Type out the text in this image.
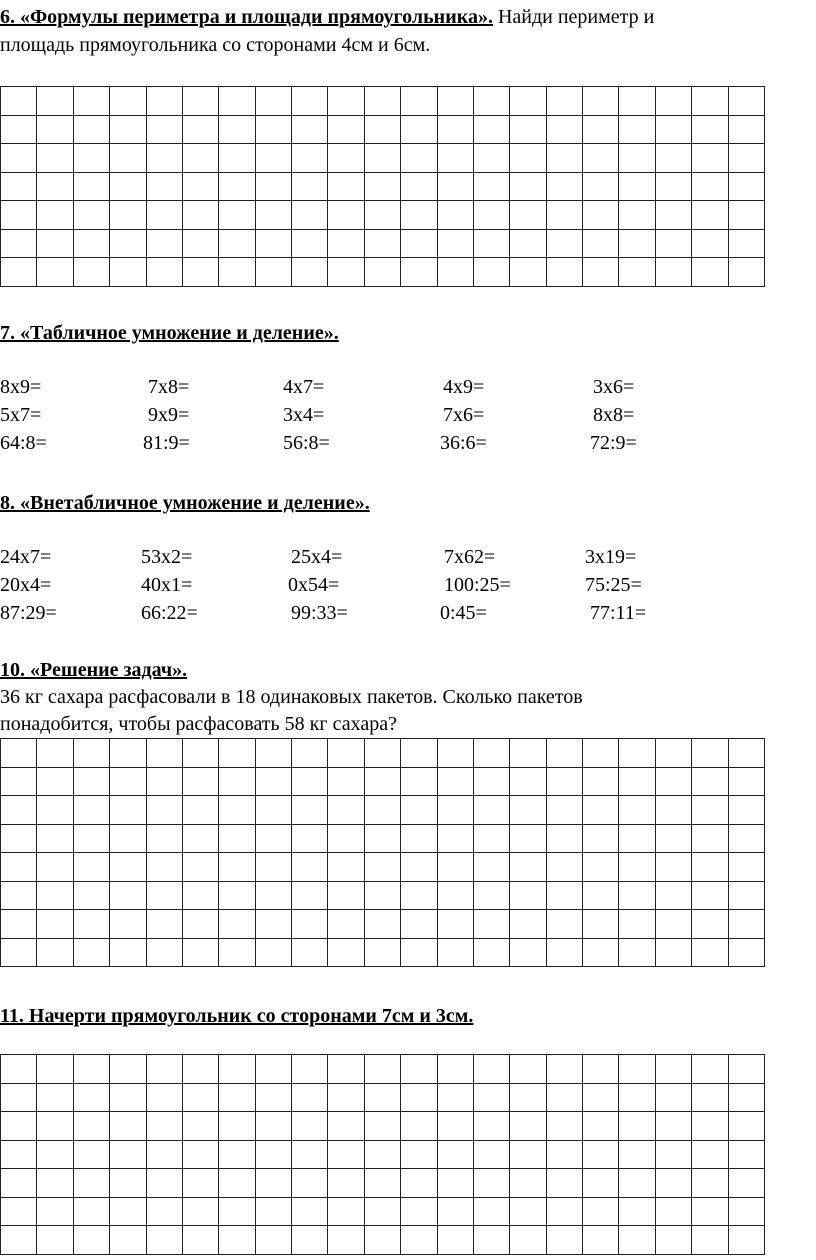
6. «Формулы периметра и площади прямоугольника». Найди периметр и
площадь прямоугольника со сторонами 4см и 6см.

7. «Табличное умножение и деление».
8х9=	7х8=	4х7=	4х9=	3х6=
5х7=	9х9=	3х4=	7х6=	8х8=
64:8=	81:9=	56:8=	36:6=	72:9=
8. «Внетабличное умножение и деление».
24х7=	53х2=	25х4=	7х62=	3х19=
20х4=	40х1=	0х54=	100:25=	75:25=
87:29=	66:22=	99:33=	0:45=	77:11=
10. «Решение задач».
36 кг сахара расфасовали в 18 одинаковых пакетов. Сколько пакетов
понадобится, чтобы расфасовать 58 кг сахара?

11. Начерти прямоугольник со сторонами 7см и 3см.
